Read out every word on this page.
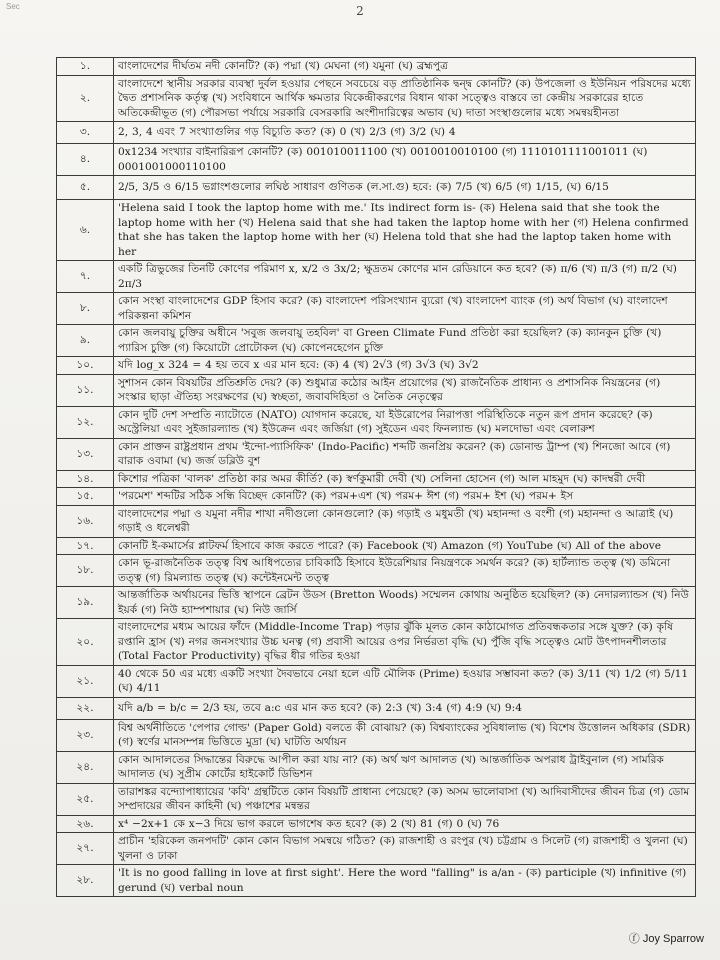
Sec	2
১.	বাংলাদেশের দীর্ঘতম নদী কোনটি? (ক) পদ্মা (খ) মেঘনা (গ) যমুনা (ঘ) ব্রহ্মপুত্র
২.	বাংলাদেশে স্থানীয় সরকার ব্যবস্থা দুর্বল হওয়ার পেছনে সবচেয়ে বড় প্রাতিষ্ঠানিক দ্বন্দ্ব কোনটি? (ক) উপজেলা ও ইউনিয়ন পরিষদের মধ্যে দ্বৈত প্রশাসনিক কর্তৃত্ব (খ) সংবিধানে আর্থিক ক্ষমতার বিকেন্দ্রীকরণের বিধান থাকা সত্ত্বেও বাস্তবে তা কেন্দ্রীয় সরকারের হাতে অতিকেন্দ্রীভূত (গ) পৌরসভা পর্যায়ে সরকারি বেসরকারি অংশীদারিত্বের অভাব (ঘ) দাতা সংস্থাগুলোর মধ্যে সমন্বয়হীনতা
৩.	2, 3, 4 এবং 7 সংখ্যাগুলির গড় বিচ্যুতি কত? (ক) 0 (খ) 2/3 (গ) 3/2 (ঘ) 4
৪.	0x1234 সংখ্যার বাইনারিরূপ কোনটি? (ক) 001010011100 (খ) 0010010010100 (গ) 1110101111001011 (ঘ) 0001001000110100
৫.	2/5, 3/5 ও 6/15 ভগ্নাংশগুলোর লঘিষ্ঠ সাধারণ গুণিতক (ল.সা.গু) হবে: (ক) 7/5 (খ) 6/5 (গ) 1/15, (ঘ) 6/15
৬.	'Helena said I took the laptop home with me.' Its indirect form is- (ক) Helena said that she took the laptop home with her (খ) Helena said that she had taken the laptop home with her (গ) Helena confirmed that she has taken the laptop home with her (ঘ) Helena told that she had the laptop taken home with her
৭.	একটি ত্রিভুজের তিনটি কোণের পরিমাণ x, x/2 ও 3x/2; ক্ষুদ্রতম কোণের মান রেডিয়ানে কত হবে? (ক) π/6 (খ) π/3 (গ) π/2 (ঘ) 2π/3
৮.	কোন সংস্থা বাংলাদেশের GDP হিসাব করে? (ক) বাংলাদেশ পরিসংখ্যান ব্যুরো (খ) বাংলাদেশ ব্যাংক (গ) অর্থ বিভাগ (ঘ) বাংলাদেশ পরিকল্পনা কমিশন
৯.	কোন জলবায়ু চুক্তির অধীনে 'সবুজ জলবায়ু তহবিল' বা Green Climate Fund প্রতিষ্ঠা করা হয়েছিল? (ক) ক্যানকুন চুক্তি (খ) প্যারিস চুক্তি (গ) কিয়োটো প্রোটোকল (ঘ) কোপেনহেগেন চুক্তি
১০.	যদি log_x 324 = 4 হয় তবে x এর মান হবে: (ক) 4 (খ) 2√3 (গ) 3√3 (ঘ) 3√2
১১.	সুশাসন কোন বিষয়টির প্রতিশ্রুতি দেয়? (ক) শুধুমাত্র কঠোর আইন প্রয়োগের (খ) রাজনৈতিক প্রাধান্য ও প্রশাসনিক নিয়ন্ত্রনের (গ) সংস্কার ছাড়া ঐতিহ্য সংরক্ষণের (ঘ) স্বচ্ছতা, জবাবদিহিতা ও নৈতিক নেতৃত্বের
১২.	কোন দুটি দেশ সম্প্রতি ন্যাটোতে (NATO) যোগদান করেছে, যা ইউরোপের নিরাপত্তা পরিস্থিতিকে নতুন রূপ প্রদান করেছে? (ক) অস্ট্রেলিয়া এবং সুইজারল্যান্ড (খ) ইউক্রেন এবং জর্জিয়া (গ) সুইডেন এবং ফিনল্যান্ড (ঘ) মলদোভা এবং বেলারুশ
১৩.	কোন প্রাক্তন রাষ্ট্রপ্রধান প্রথম 'ইন্দো-প্যাসিফিক' (Indo-Pacific) শব্দটি জনপ্রিয় করেন? (ক) ডোনাল্ড ট্রাম্প (খ) শিনজো আবে (গ) বারাক ওবামা (ঘ) জর্জ ডব্লিউ বুশ
১৪.	কিশোর পত্রিকা 'বালক' প্রতিষ্ঠা কার অমর কীর্তি? (ক) স্বর্ণকুমারী দেবী (খ) সেলিনা হোসেন (গ) আল মাহমুদ (ঘ) কাদম্বরী দেবী
১৫.	'পরমেশ' শব্দটির সঠিক সন্ধি বিচ্ছেদ কোনটি? (ক) পরম+এশ (খ) পরম+ ঈশ (গ) পরম+ ইশ (ঘ) পরম+ ইস
১৬.	বাংলাদেশের পদ্মা ও যমুনা নদীর শাখা নদীগুলো কোনগুলো? (ক) গড়াই ও মধুমতী (খ) মহানন্দা ও বংশী (গ) মহানন্দা ও আত্রাই (ঘ) গড়াই ও ধলেশ্বরী
১৭.	কোনটি ই-কমার্সের প্লাটফর্ম হিসাবে কাজ করতে পারে? (ক) Facebook (খ) Amazon (গ) YouTube (ঘ) All of the above
১৮.	কোন ভূ-রাজনৈতিক তত্ত্ব বিশ্ব আধিপত্যের চাবিকাঠি হিসাবে ইউরেশিয়ার নিয়ন্ত্রণকে সমর্থন করে? (ক) হার্টল্যান্ড তত্ত্ব (খ) ডমিনো তত্ত্ব (গ) রিমল্যান্ড তত্ত্ব (ঘ) কন্টেইনমেন্ট তত্ত্ব
১৯.	আন্তর্জাতিক অর্থায়নের ভিত্তি স্থাপনে ব্রেটন উডস (Bretton Woods) সম্মেলন কোথায় অনুষ্ঠিত হয়েছিল? (ক) নেদারল্যান্ডস (খ) নিউ ইয়র্ক (গ) নিউ হ্যাম্পশায়ার (ঘ) নিউ জার্সি
২০.	বাংলাদেশের মধ্যম আয়ের ফাঁদে (Middle-Income Trap) পড়ার ঝুঁকি মূলত কোন কাঠামোগত প্রতিবন্ধকতার সঙ্গে যুক্ত? (ক) কৃষি রপ্তানি হ্রাস (খ) নগর জনসংখ্যার উচ্চ ঘনত্ব (গ) প্রবাসী আয়ের ওপর নির্ভরতা বৃদ্ধি (ঘ) পুঁজি বৃদ্ধি সত্ত্বেও মোট উৎপাদনশীলতার (Total Factor Productivity) বৃদ্ধির ধীর গতির হওয়া
২১.	40 থেকে 50 এর মধ্যে একটি সংখ্যা দৈবভাবে নেয়া হলে এটি মৌলিক (Prime) হওয়ার সম্ভাবনা কত? (ক) 3/11 (খ) 1/2 (গ) 5/11 (ঘ) 4/11
২২.	যদি a/b = b/c = 2/3 হয়, তবে a:c এর মান কত হবে? (ক) 2:3 (খ) 3:4 (গ) 4:9 (ঘ) 9:4
২৩.	বিশ্ব অর্থনীতিতে 'পেপার গোল্ড' (Paper Gold) বলতে কী বোঝায়? (ক) বিশ্বব্যাংকের সুবিধালাভ (খ) বিশেষ উত্তোলন অধিকার (SDR) (গ) স্বর্ণের মানসম্পন্ন ভিত্তিতে মুদ্রা (ঘ) ঘাটতি অর্থায়ন
২৪.	কোন আদালতের সিদ্ধান্তের বিরুদ্ধে আপীল করা যায় না? (ক) অর্থ ঋণ আদালত (খ) আন্তর্জাতিক অপরাধ ট্রাইবুনাল (গ) সামরিক আদালত (ঘ) সুপ্রীম কোর্টের হাইকোর্ট ডিভিশন
২৫.	তারাশঙ্কর বন্দ্যোপাধ্যায়ের 'কবি' গ্রন্থটিতে কোন বিষয়টি প্রাধান্য পেয়েছে? (ক) অসম ভালোবাসা (খ) আদিবাসীদের জীবন চিত্র (গ) ডোম সম্প্রদায়ের জীবন কাহিনী (ঘ) পঞ্চাশের মন্বন্তর
২৬.	x⁴ −2x+1 কে x−3 দিয়ে ভাগ করলে ভাগশেষ কত হবে? (ক) 2 (খ) 81 (গ) 0 (ঘ) 76
২৭.	প্রাচীন 'হরিকেল জনপদটি' কোন কোন বিভাগ সমন্বয়ে গঠিত? (ক) রাজশাহী ও রংপুর (খ) চট্টগ্রাম ও সিলেট (গ) রাজশাহী ও খুলনা (ঘ) খুলনা ও ঢাকা
২৮.	'It is no good falling in love at first sight'. Here the word "falling" is a/an - (ক) participle (খ) infinitive (গ) gerund (ঘ) verbal noun
ⓕ Joy Sparrow
